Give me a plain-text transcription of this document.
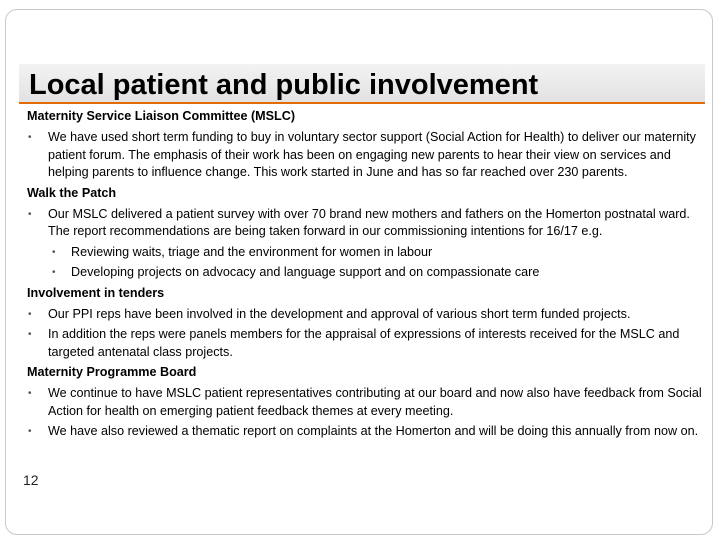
Local patient and public involvement
Maternity Service Liaison Committee (MSLC)
• We have used short term funding to buy in voluntary sector support (Social Action for Health) to deliver our maternity patient forum. The emphasis of their work has been on engaging new parents to hear their view on services and helping parents to influence change. This work started in June and has so far reached over 230 parents.
Walk the Patch
• Our MSLC delivered a patient survey with over 70 brand new mothers and fathers on the Homerton postnatal ward. The report recommendations are being taken forward in our commissioning intentions for 16/17 e.g.
• Reviewing waits, triage and the environment for women in labour
• Developing projects on advocacy and language support and on compassionate care
Involvement in tenders
• Our PPI reps have been involved in the development and approval of various short term funded projects.
• In addition the reps were panels members for the appraisal of expressions of interests received for the MSLC and targeted antenatal class projects.
Maternity Programme Board
• We continue to have MSLC patient representatives contributing at our board and now also have feedback from Social Action for health on emerging patient feedback themes at every meeting.
• We have also reviewed a thematic report on complaints at the Homerton and will be doing this annually from now on.
12
